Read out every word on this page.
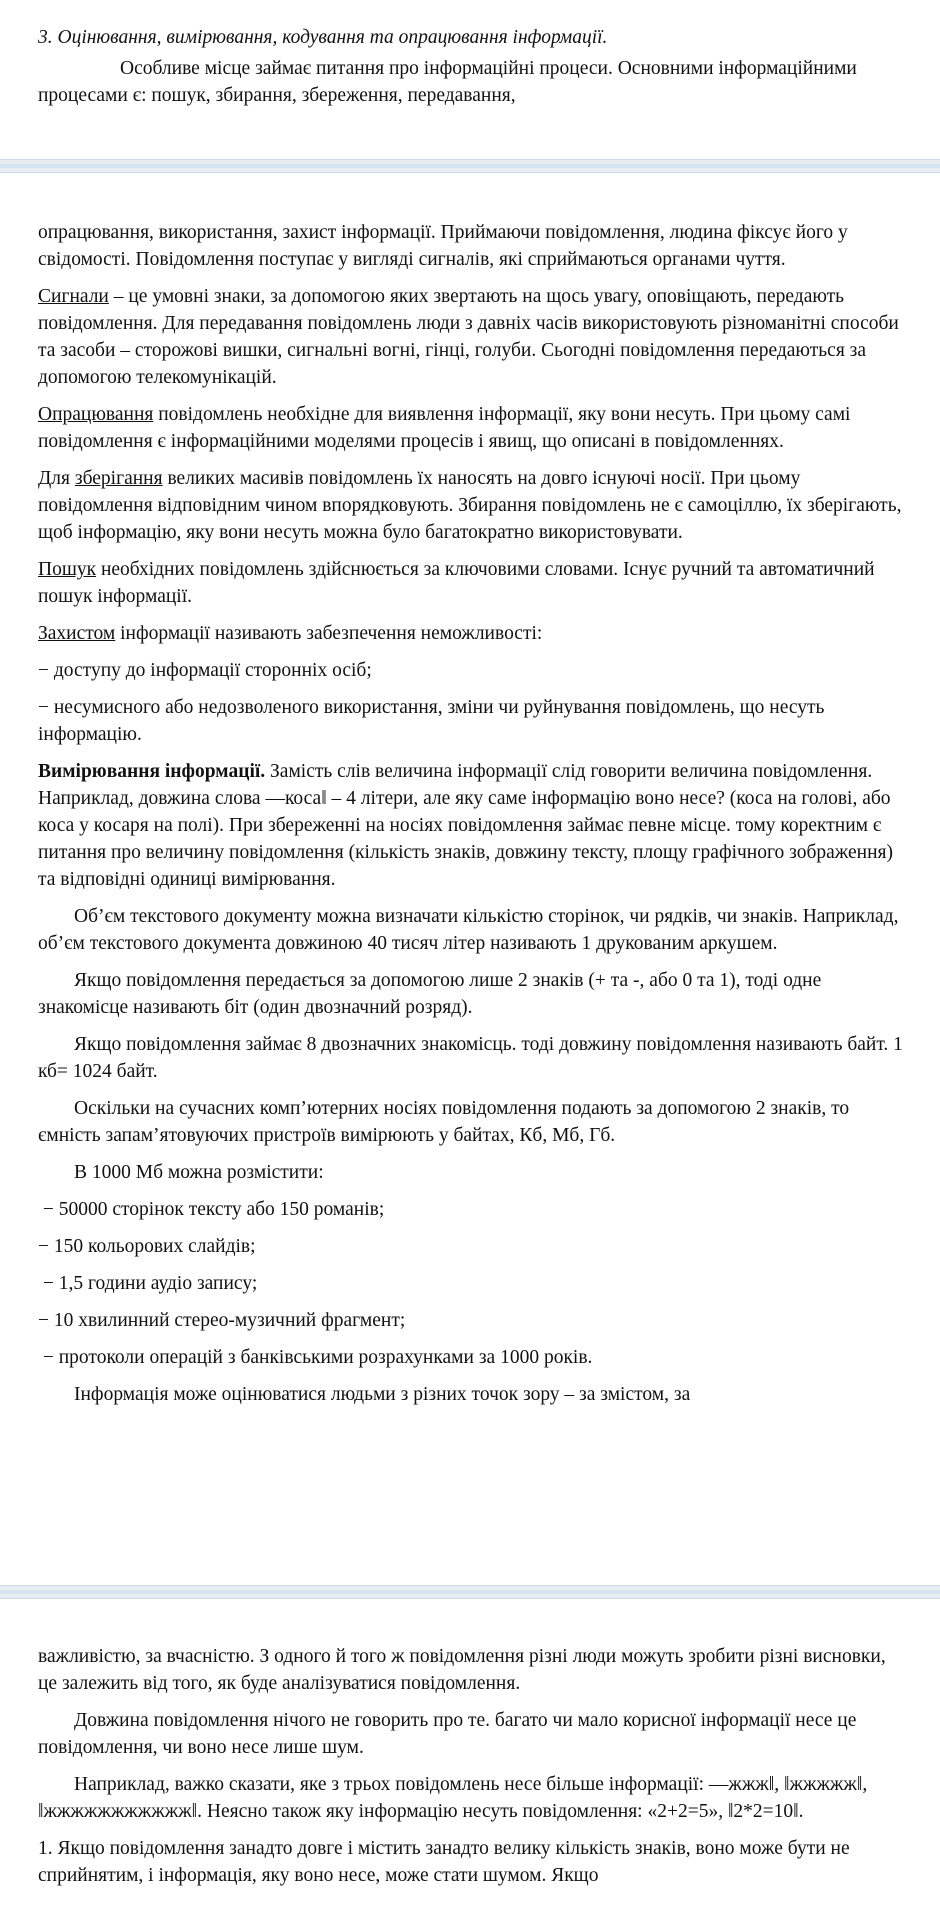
3. Оцінювання, вимірювання, кодування та опрацювання інформації.

Особливе місце займає питання про інформаційні процеси. Основними інформаційними процесами є: пошук, збирання, збереження, передавання,

опрацювання, використання, захист інформації. Приймаючи повідомлення, людина фіксує його у свідомості. Повідомлення поступає у вигляді сигналів, які сприймаються органами чуття.

Сигнали – це умовні знаки, за допомогою яких звертають на щось увагу, оповіщають, передають повідомлення. Для передавання повідомлень люди з давніх часів використовують різноманітні способи та засоби – сторожові вишки, сигнальні вогні, гінці, голуби. Сьогодні повідомлення передаються за допомогою телекомунікацій.

Опрацювання повідомлень необхідне для виявлення інформації, яку вони несуть. При цьому самі повідомлення є інформаційними моделями процесів і явищ, що описані в повідомленнях.

Для зберігання великих масивів повідомлень їх наносять на довго існуючі носії. При цьому повідомлення відповідним чином впорядковують. Збирання повідомлень не є самоціллю, їх зберігають, щоб інформацію, яку вони несуть можна було багатократно використовувати.

Пошук необхідних повідомлень здійснюється за ключовими словами. Існує ручний та автоматичний пошук інформації.

Захистом інформації називають забезпечення неможливості:

− доступу до інформації сторонніх осіб;

− несумисного або недозволеного використання, зміни чи руйнування повідомлень, що несуть інформацію.

Вимірювання інформації. Замість слів величина інформації слід говорити величина повідомлення. Наприклад, довжина слова ―коса‖ – 4 літери, але яку саме інформацію воно несе? (коса на голові, або коса у косаря на полі). При збереженні на носіях повідомлення займає певне місце. тому коректним є питання про величину повідомлення (кількість знаків, довжину тексту, площу графічного зображення) та відповідні одиниці вимірювання.

Об’єм текстового документу можна визначати кількістю сторінок, чи рядків, чи знаків. Наприклад, об’єм текстового документа довжиною 40 тисяч літер називають 1 друкованим аркушем.

Якщо повідомлення передається за допомогою лише 2 знаків (+ та -, або 0 та 1), тоді одне знакомісце називають біт (один двозначний розряд).

Якщо повідомлення займає 8 двозначних знакомісць. тоді довжину повідомлення називають байт. 1 кб= 1024 байт.

Оскільки на сучасних комп’ютерних носіях повідомлення подають за допомогою 2 знаків, то ємність запам’ятовуючих пристроїв вимірюють у байтах, Кб, Мб, Гб.

В 1000 Мб можна розмістити:

− 50000 сторінок тексту або 150 романів;

− 150 кольорових слайдів;

− 1,5 години аудіо запису;

− 10 хвилинний стерео-музичний фрагмент;

− протоколи операцій з банківськими розрахунками за 1000 років.

Інформація може оцінюватися людьми з різних точок зору – за змістом, за

важливістю, за вчасністю. З одного й того ж повідомлення різні люди можуть зробити різні висновки, це залежить від того, як буде аналізуватися повідомлення.

Довжина повідомлення нічого не говорить про те. багато чи мало корисної інформації несе це повідомлення, чи воно несе лише шум.

Наприклад, важко сказати, яке з трьох повідомлень несе більше інформації: ―жжж‖, ‖жжжжж‖, ‖жжжжжжжжжжж‖. Неясно також яку інформацію несуть повідомлення: «2+2=5», ‖2*2=10‖.

1. Якщо повідомлення занадто довге і містить занадто велику кількість знаків, воно може бути не сприйнятим, і інформація, яку воно несе, може стати шумом. Якщо
